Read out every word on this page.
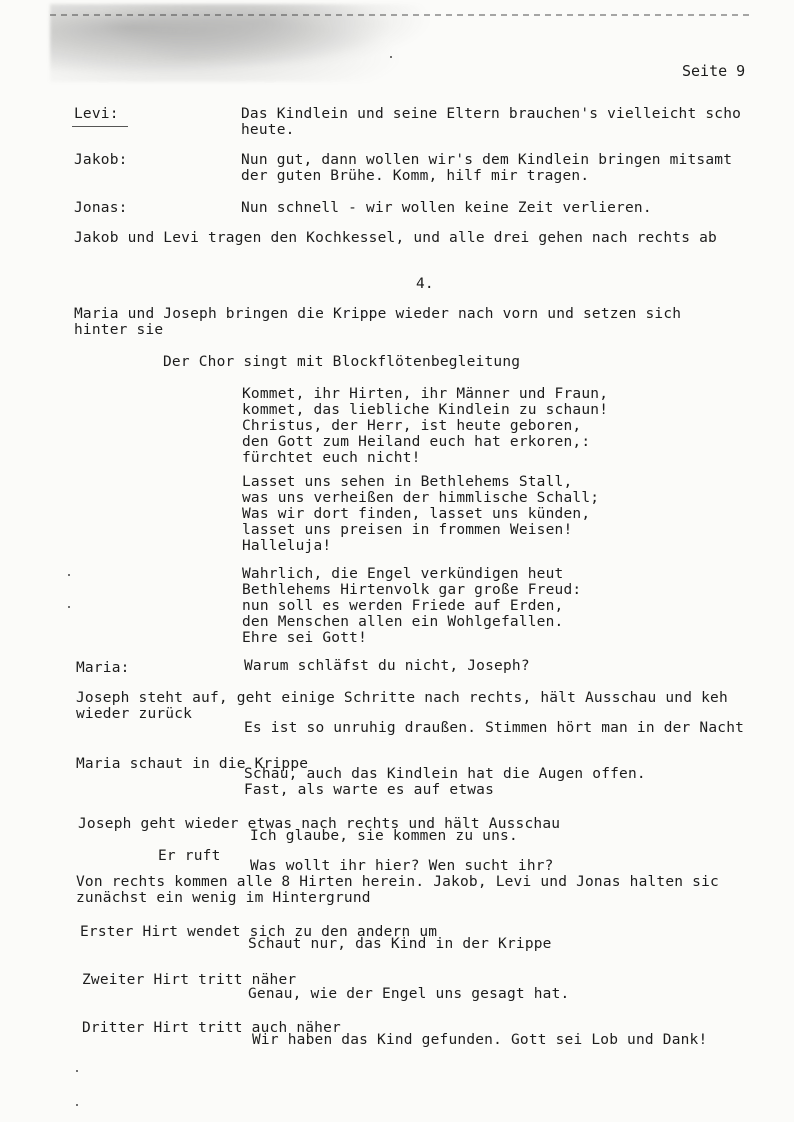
Seite 9
Levi:	Das Kindlein und seine Eltern brauchen's vielleicht scho
heute.
Jakob:	Nun gut, dann wollen wir's dem Kindlein bringen mitsamt
der guten Brühe. Komm, hilf mir tragen.
Jonas:	Nun schnell - wir wollen keine Zeit verlieren.
Jakob und Levi tragen den Kochkessel, und alle drei gehen nach rechts ab
4.
Maria und Joseph bringen die Krippe wieder nach vorn und setzen sich
hinter sie
Der Chor singt mit Blockflötenbegleitung
Kommet, ihr Hirten, ihr Männer und Fraun,
kommet, das liebliche Kindlein zu schaun!
Christus, der Herr, ist heute geboren,
den Gott zum Heiland euch hat erkoren,:
fürchtet euch nicht!
Lasset uns sehen in Bethlehems Stall,
was uns verheißen der himmlische Schall;
Was wir dort finden, lasset uns künden,
lasset uns preisen in frommen Weisen!
Halleluja!
Wahrlich, die Engel verkündigen heut
Bethlehems Hirtenvolk gar große Freud:
nun soll es werden Friede auf Erden,
den Menschen allen ein Wohlgefallen.
Ehre sei Gott!
Maria:	Warum schläfst du nicht, Joseph?
Joseph steht auf, geht einige Schritte nach rechts, hält Ausschau und keh
wieder zurück
Es ist so unruhig draußen. Stimmen hört man in der Nacht
Maria schaut in die Krippe
Schau, auch das Kindlein hat die Augen offen.
Fast, als warte es auf etwas
Joseph geht wieder etwas nach rechts und hält Ausschau
Ich glaube, sie kommen zu uns.
Er ruft
Was wollt ihr hier? Wen sucht ihr?
Von rechts kommen alle 8 Hirten herein. Jakob, Levi und Jonas halten sic
zunächst ein wenig im Hintergrund
Erster Hirt wendet sich zu den andern um
Schaut nur, das Kind in der Krippe
Zweiter Hirt tritt näher
Genau, wie der Engel uns gesagt hat.
Dritter Hirt tritt auch näher
Wir haben das Kind gefunden. Gott sei Lob und Dank!
